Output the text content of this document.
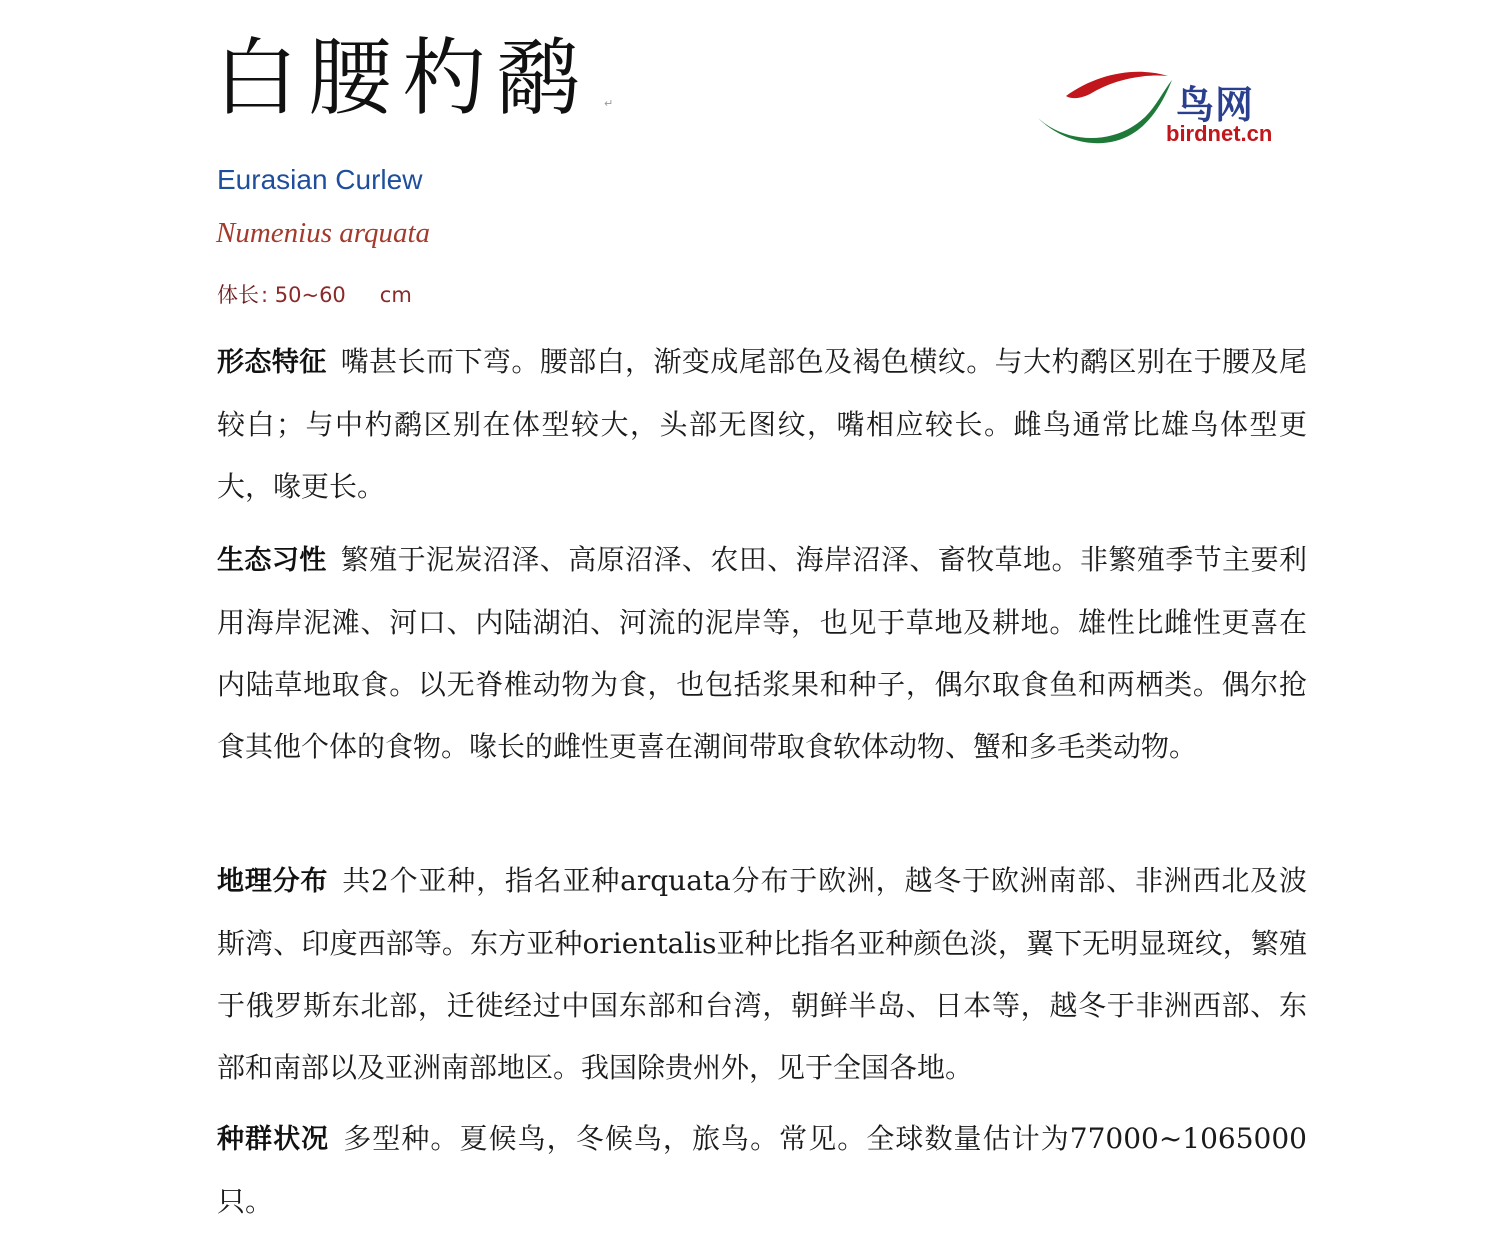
白腰杓鹬 ↵	鸟网
birdnet.cn
Eurasian Curlew
Numenius arquata
体长: 50~60 cm
形态特征 嘴甚长而下弯。腰部白，渐变成尾部色及褐色横纹。与大杓鹬区别在于腰及尾较白；与中杓鹬区别在体型较大，头部无图纹，嘴相应较长。雌鸟通常比雄鸟体型更大，喙更长。
生态习性 繁殖于泥炭沼泽、高原沼泽、农田、海岸沼泽、畜牧草地。非繁殖季节主要利用海岸泥滩、河口、内陆湖泊、河流的泥岸等，也见于草地及耕地。雄性比雌性更喜在内陆草地取食。以无脊椎动物为食，也包括浆果和种子，偶尔取食鱼和两栖类。偶尔抢食其他个体的食物。喙长的雌性更喜在潮间带取食软体动物、蟹和多毛类动物。
地理分布 共2个亚种，指名亚种arquata分布于欧洲，越冬于欧洲南部、非洲西北及波斯湾、印度西部等。东方亚种orientalis亚种比指名亚种颜色淡，翼下无明显斑纹，繁殖于俄罗斯东北部，迁徙经过中国东部和台湾，朝鲜半岛、日本等，越冬于非洲西部、东部和南部以及亚洲南部地区。我国除贵州外，见于全国各地。
种群状况 多型种。夏候鸟，冬候鸟，旅鸟。常见。全球数量估计为77000~1065000 只。
